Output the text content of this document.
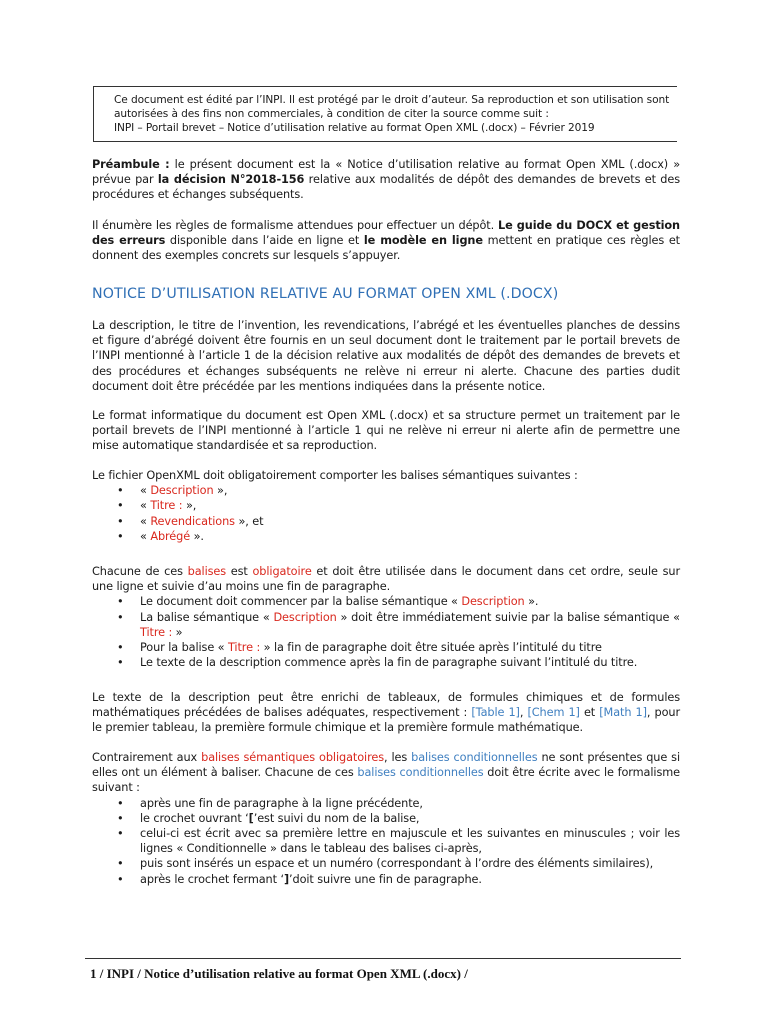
Ce document est édité par l’INPI. Il est protégé par le droit d’auteur. Sa reproduction et son utilisation sont
autorisées à des fins non commerciales, à condition de citer la source comme suit :
INPI – Portail brevet – Notice d’utilisation relative au format Open XML (.docx) – Février 2019

Préambule : le présent document est la « Notice d’utilisation relative au format Open XML (.docx) » prévue par la décision N°2018-156 relative aux modalités de dépôt des demandes de brevets et des procédures et échanges subséquents.

Il énumère les règles de formalisme attendues pour effectuer un dépôt. Le guide du DOCX et gestion des erreurs disponible dans l’aide en ligne et le modèle en ligne mettent en pratique ces règles et donnent des exemples concrets sur lesquels s’appuyer.

NOTICE D’UTILISATION RELATIVE AU FORMAT OPEN XML (.DOCX)

La description, le titre de l’invention, les revendications, l’abrégé et les éventuelles planches de dessins et figure d’abrégé doivent être fournis en un seul document dont le traitement par le portail brevets de l’INPI mentionné à l’article 1 de la décision relative aux modalités de dépôt des demandes de brevets et des procédures et échanges subséquents ne relève ni erreur ni alerte. Chacune des parties dudit document doit être précédée par les mentions indiquées dans la présente notice.

Le format informatique du document est Open XML (.docx) et sa structure permet un traitement par le portail brevets de l’INPI mentionné à l’article 1 qui ne relève ni erreur ni alerte afin de permettre une mise automatique standardisée et sa reproduction.

Le fichier OpenXML doit obligatoirement comporter les balises sémantiques suivantes :

• « Description »,
• « Titre : »,
• « Revendications », et
• « Abrégé ».

Chacune de ces balises est obligatoire et doit être utilisée dans le document dans cet ordre, seule sur une ligne et suivie d’au moins une fin de paragraphe.

• Le document doit commencer par la balise sémantique « Description ».
• La balise sémantique « Description » doit être immédiatement suivie par la balise sémantique « Titre : »
• Pour la balise « Titre : » la fin de paragraphe doit être située après l’intitulé du titre
• Le texte de la description commence après la fin de paragraphe suivant l’intitulé du titre.

Le texte de la description peut être enrichi de tableaux, de formules chimiques et de formules mathématiques précédées de balises adéquates, respectivement : [Table 1], [Chem 1] et [Math 1], pour le premier tableau, la première formule chimique et la première formule mathématique.

Contrairement aux balises sémantiques obligatoires, les balises conditionnelles ne sont présentes que si elles ont un élément à baliser. Chacune de ces balises conditionnelles doit être écrite avec le formalisme suivant :

• après une fin de paragraphe à la ligne précédente,
• le crochet ouvrant ‘[’est suivi du nom de la balise,
• celui-ci est écrit avec sa première lettre en majuscule et les suivantes en minuscules ; voir les lignes « Conditionnelle » dans le tableau des balises ci-après,
• puis sont insérés un espace et un numéro (correspondant à l’ordre des éléments similaires),
• après le crochet fermant ‘]’doit suivre une fin de paragraphe.
1 / INPI / Notice d’utilisation relative au format Open XML (.docx) /
